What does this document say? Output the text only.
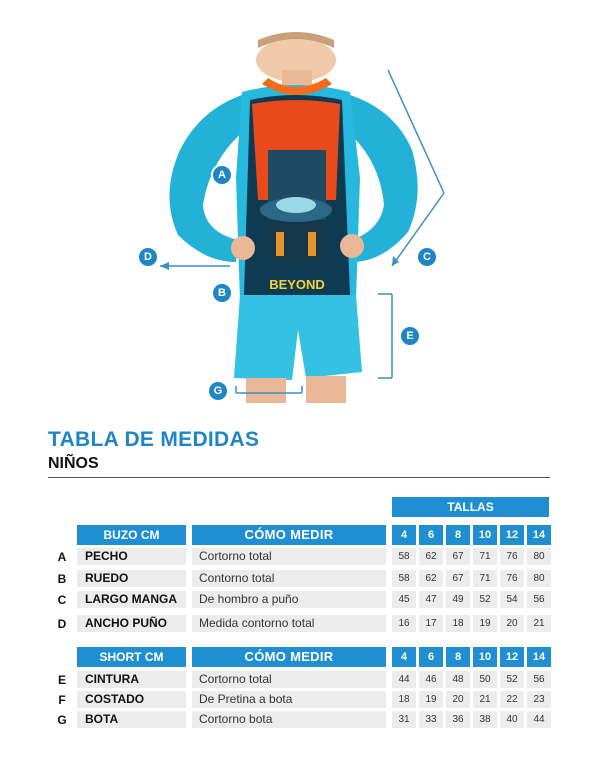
BEYOND
A
B
C
D
E
G
TABLA DE MEDIDAS
NIÑOS
TALLAS
BUZO CM	CÓMO MEDIR	4	6	8	10	12	14
A	PECHO	Cortorno total	58	62	67	71	76	80
B	RUEDO	Contorno total	58	62	67	71	76	80
C	LARGO MANGA	De hombro a puño	45	47	49	52	54	56
D	ANCHO PUÑO	Medida contorno total	16	17	18	19	20	21
SHORT CM	CÓMO MEDIR	4	6	8	10	12	14
E	CINTURA	Cortorno total	44	46	48	50	52	56
F	COSTADO	De Pretina a bota	18	19	20	21	22	23
G	BOTA	Cortorno bota	31	33	36	38	40	44
